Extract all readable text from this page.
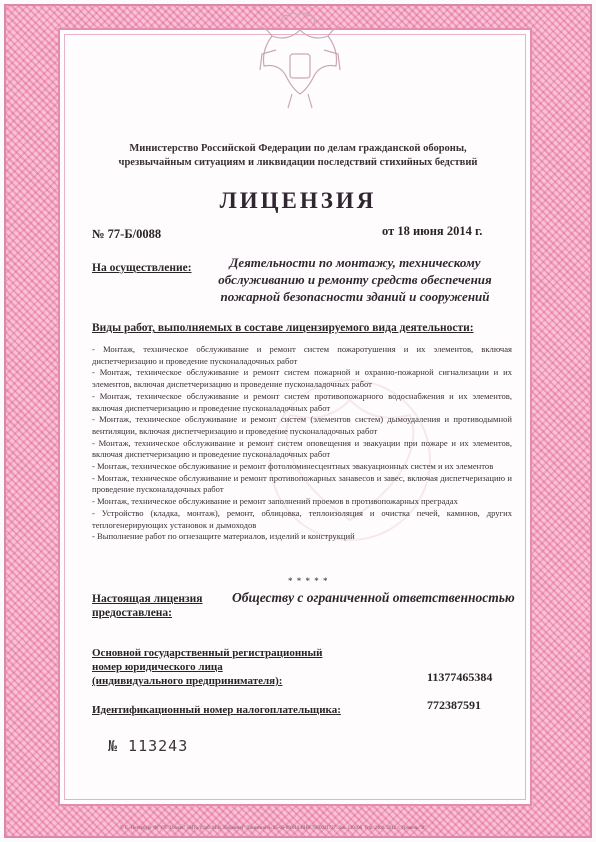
Министерство Российской Федерации по делам гражданской обороны,
чрезвычайным ситуациям и ликвидации последствий стихийных бедствий
ЛИЦЕНЗИЯ
№ 77-Б/0088	от 18 июня 2014 г.
На осуществление:	Деятельности по монтажу, техническому
обслуживанию и ремонту средств обеспечения
пожарной безопасности зданий и сооружений
Виды работ, выполняемых в составе лицензируемого вида деятельности:
- Монтаж, техническое обслуживание и ремонт систем пожаротушения и их элементов, включая диспетчеризацию и проведение пусконаладочных работ
- Монтаж, техническое обслуживание и ремонт систем пожарной и охранно-пожарной сигнализации и их элементов, включая диспетчеризацию и проведение пусконаладочных работ
- Монтаж, техническое обслуживание и ремонт систем противопожарного водоснабжения и их элементов, включая диспетчеризацию и проведение пусконаладочных работ
- Монтаж, техническое обслуживание и ремонт систем (элементов систем) дымоудаления и противодымной вентиляции, включая диспетчеризацию и проведение пусконаладочных работ
- Монтаж, техническое обслуживание и ремонт систем оповещения и эвакуации при пожаре и их элементов, включая диспетчеризацию и проведение пусконаладочных работ
- Монтаж, техническое обслуживание и ремонт фотолюминесцентных эвакуационных систем и их элементов
- Монтаж, техническое обслуживание и ремонт противопожарных занавесов и завес, включая диспетчеризацию и проведение пусконаладочных работ
- Монтаж, техническое обслуживание и ремонт заполнений проемов в противопожарных преградах
- Устройство (кладка, монтаж), ремонт, облицовка, теплоизоляция и очистка печей, каминов, других теплогенерирующих установок и дымоходов
- Выполнение работ по огнезащите материалов, изделий и конструкций
* * * * *
Настоящая лицензия
предоставлена:
Обществу с ограниченной ответственностью
Основной государственный регистрационный
номер юридического лица
(индивидуального предпринимателя):	11377465384
Идентификационный номер налогоплательщика:	772387591
№ 113243
© С.-Петербург ФГУП "Гознак" «МТ» (Спб. М.И. Поймена)" Лицензия № 05-05-09/010 ИНН 7810021727. Зак. 139108. Тир. 2406. 2012 г. Уровень "В"
